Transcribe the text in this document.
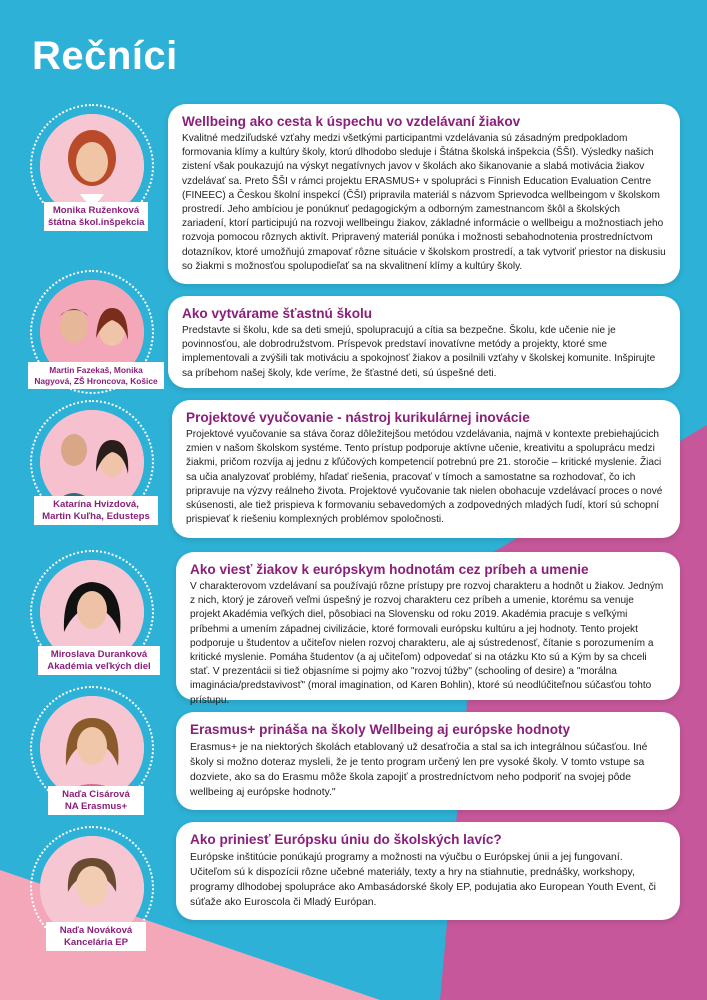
Rečníci
Monika Ruženková
štátna škol.inšpekcia
Wellbeing ako cesta k úspechu vo vzdelávaní žiakov

Kvalitné medziľudské vzťahy medzi všetkými participantmi vzdelávania sú zásadným predpokladom formovania klímy a kultúry školy, ktorú dlhodobo sleduje i Štátna školská inšpekcia (ŠŠI). Výsledky našich zistení však poukazujú na výskyt negatívnych javov v školách ako šikanovanie a slabá motivácia žiakov vzdelávať sa. Preto ŠŠI v rámci projektu ERASMUS+ v spolupráci s Finnish Education Evaluation Centre (FINEEC) a Českou školní inspekcí (ČŠI) pripravila materiál s názvom Sprievodca wellbeingom v školskom prostredí. Jeho ambíciou je ponúknuť pedagogickým a odborným zamestnancom škôl a školských zariadení, ktorí participujú na rozvoji wellbeingu žiakov, základné informácie o wellbeigu a možnostiach jeho rozvoja pomocou rôznych aktivít. Pripravený materiál ponúka i možnosti sebahodnotenia prostredníctvom dotazníkov, ktoré umožňujú zmapovať rôzne situácie v školskom prostredí, a tak vytvoriť priestor na diskusiu so žiakmi s možnosťou spolupodieľať sa na skvalitnení klímy a kultúry školy.

Martin Fazekaš, Monika
Nagyová, ZŠ Hroncova, Košice
Ako vytvárame šťastnú školu

Predstavte si školu, kde sa deti smejú, spolupracujú a cítia sa bezpečne. Školu, kde učenie nie je povinnosťou, ale dobrodružstvom. Príspevok predstaví inovatívne metódy a projekty, ktoré sme implementovali a zvýšili tak motiváciu a spokojnosť žiakov a posilnili vzťahy v školskej komunite. Inšpirujte sa príbehom našej školy, kde veríme, že šťastné deti, sú úspešné deti.

Katarína Hvizdová,
Martin Kuľha, Edusteps
Projektové vyučovanie - nástroj kurikulárnej inovácie

Projektové vyučovanie sa stáva čoraz dôležitejšou metódou vzdelávania, najmä v kontexte prebiehajúcich zmien v našom školskom systéme. Tento prístup podporuje aktívne učenie, kreativitu a spoluprácu medzi žiakmi, pričom rozvíja aj jednu z kľúčových kompetencií potrebnú pre 21. storočie – kritické myslenie. Žiaci sa učia analyzovať problémy, hľadať riešenia, pracovať v tímoch a samostatne sa rozhodovať, čo ich pripravuje na výzvy reálneho života. Projektové vyučovanie tak nielen obohacuje vzdelávací proces o nové skúsenosti, ale tiež prispieva k formovaniu sebavedomých a zodpovedných mladých ľudí, ktorí sú schopní prispievať k riešeniu komplexných problémov spoločnosti.

Miroslava Duranková
Akadémia veľkých diel
Ako viesť žiakov k európskym hodnotám cez príbeh a umenie

V charakterovom vzdelávaní sa používajú rôzne prístupy pre rozvoj charakteru a hodnôt u žiakov. Jedným z nich, ktorý je zároveň veľmi úspešný je rozvoj charakteru cez príbeh a umenie, ktorému sa venuje projekt Akadémia veľkých diel, pôsobiaci na Slovensku od roku 2019. Akadémia pracuje s veľkými príbehmi a umením západnej civilizácie, ktoré formovali európsku kultúru a jej hodnoty. Tento projekt podporuje u študentov a učiteľov nielen rozvoj charakteru, ale aj sústredenosť, čítanie s porozumením a kritické myslenie. Pomáha študentov (a aj učiteľom) odpovedať si na otázku Kto sú a Kým by sa chceli stať. V prezentácii si tiež objasníme si pojmy ako "rozvoj túžby" (schooling of desire) a "morálna imaginácia/predstavivosť" (moral imagination, od Karen Bohlin), ktoré sú neodlúčiteľnou súčasťou tohto prístupu.

Naďa Cisárová
NA Erasmus+
Erasmus+ prináša na školy Wellbeing aj európske hodnoty

Erasmus+ je na niektorých školách etablovaný už desaťročia a stal sa ich integrálnou súčasťou. Iné školy si možno doteraz mysleli, že je tento program určený len pre vysoké školy. V tomto vstupe sa dozviete, ako sa do Erasmu môže škola zapojiť a prostredníctvom neho podporiť na svojej pôde wellbeing aj európske hodnoty."

Naďa Nováková
Kancelária EP
Ako priniesť Európsku úniu do školských lavíc?

Európske inštitúcie ponúkajú programy a možnosti na výučbu o Európskej únii a jej fungovaní. Učiteľom sú k dispozícii rôzne učebné materiály, texty a hry na stiahnutie, prednášky, workshopy, programy dlhodobej spolupráce ako Ambasádorské školy EP, podujatia ako European Youth Event, či súťaže ako Euroscola či Mladý Európan.
